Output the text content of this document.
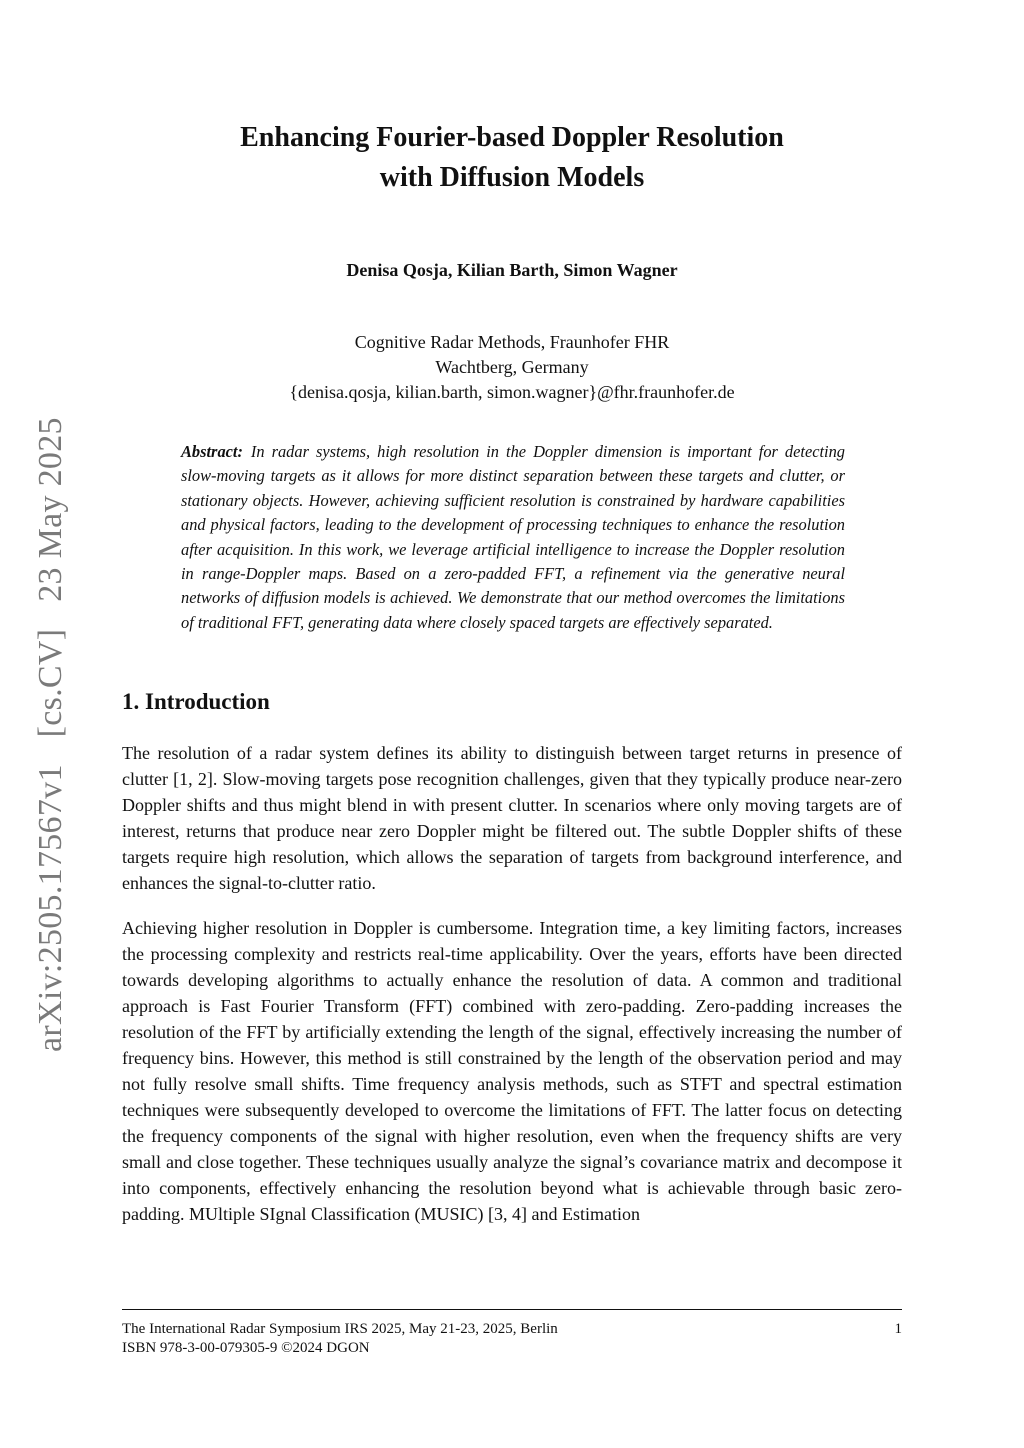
arXiv:2505.17567v1 [cs.CV] 23 May 2025
Enhancing Fourier-based Doppler Resolution
with Diffusion Models
Denisa Qosja, Kilian Barth, Simon Wagner
Cognitive Radar Methods, Fraunhofer FHR
Wachtberg, Germany
{denisa.qosja, kilian.barth, simon.wagner}@fhr.fraunhofer.de
Abstract: In radar systems, high resolution in the Doppler dimension is important for detecting slow-moving targets as it allows for more distinct separation between these targets and clutter, or stationary objects. However, achieving sufficient resolution is constrained by hardware capabilities and physical factors, leading to the development of processing techniques to enhance the resolution after acquisition. In this work, we leverage artificial intelligence to increase the Doppler resolution in range-Doppler maps. Based on a zero-padded FFT, a refinement via the generative neural networks of diffusion models is achieved. We demonstrate that our method overcomes the limitations of traditional FFT, generating data where closely spaced targets are effectively separated.
1. Introduction
The resolution of a radar system defines its ability to distinguish between target returns in presence of clutter [1, 2]. Slow-moving targets pose recognition challenges, given that they typically produce near-zero Doppler shifts and thus might blend in with present clutter. In scenarios where only moving targets are of interest, returns that produce near zero Doppler might be filtered out. The subtle Doppler shifts of these targets require high resolution, which allows the separation of targets from background interference, and enhances the signal-to-clutter ratio.
Achieving higher resolution in Doppler is cumbersome. Integration time, a key limiting factors, increases the processing complexity and restricts real-time applicability. Over the years, efforts have been directed towards developing algorithms to actually enhance the resolution of data. A common and traditional approach is Fast Fourier Transform (FFT) combined with zero-padding. Zero-padding increases the resolution of the FFT by artificially extending the length of the signal, effectively increasing the number of frequency bins. However, this method is still constrained by the length of the observation period and may not fully resolve small shifts. Time frequency analysis methods, such as STFT and spectral estimation techniques were subsequently developed to overcome the limitations of FFT. The latter focus on detecting the frequency components of the signal with higher resolution, even when the frequency shifts are very small and close together. These techniques usually analyze the signal’s covariance matrix and decompose it into components, effectively enhancing the resolution beyond what is achievable through basic zero-padding. MUltiple SIgnal Classification (MUSIC) [3, 4] and Estimation
The International Radar Symposium IRS 2025, May 21-23, 2025, Berlin
ISBN 978-3-00-079305-9 ©2024 DGON
1
